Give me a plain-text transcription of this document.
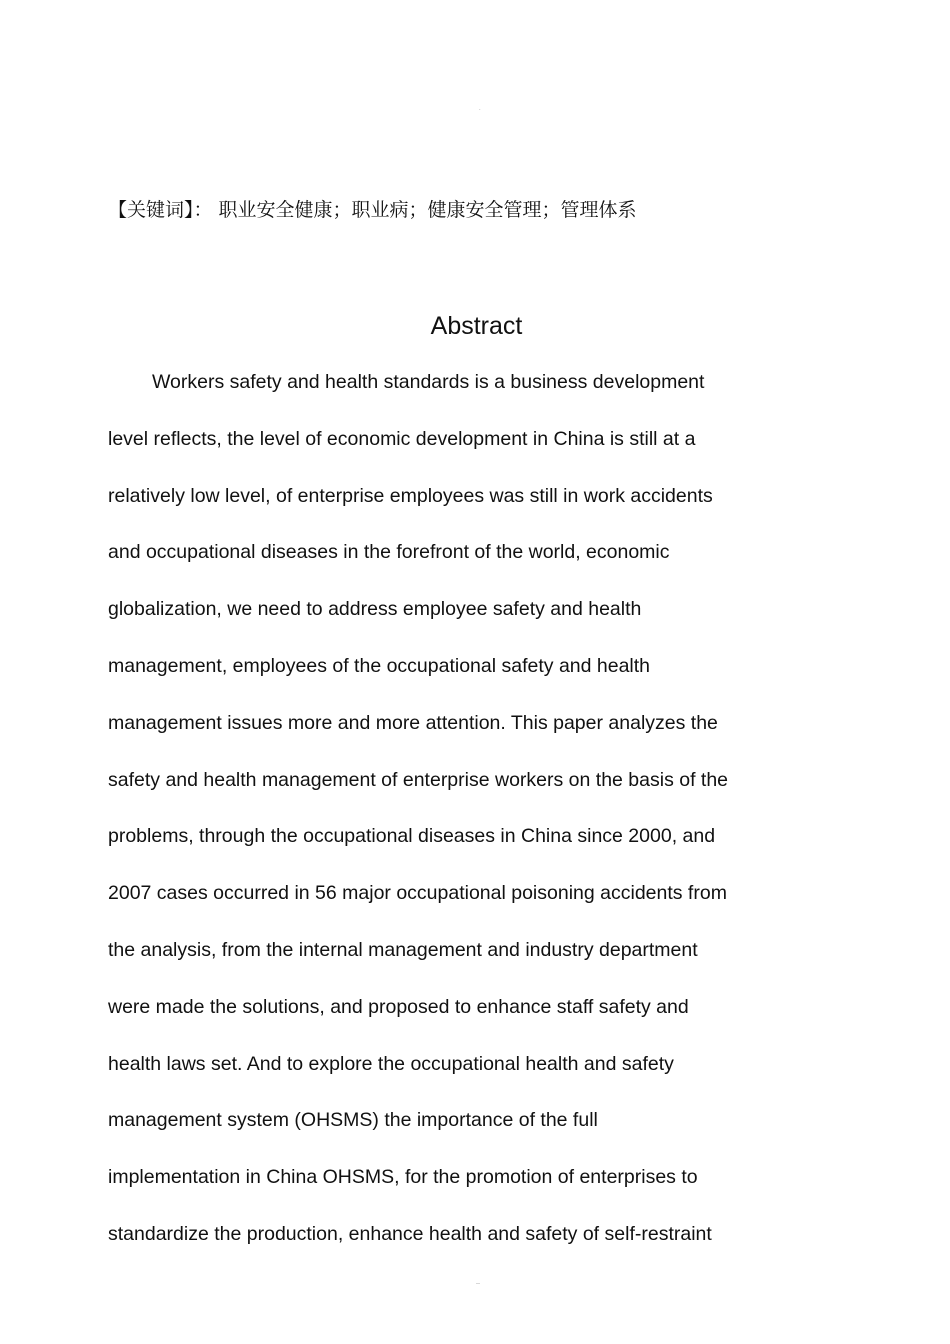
.
【关键词】： 职业安全健康；职业病；健康安全管理；管理体系
Abstract
Workers safety and health standards is a business development
level reflects, the level of economic development in China is still at a
relatively low level, of enterprise employees was still in work accidents
and occupational diseases in the forefront of the world, economic
globalization, we need to address employee safety and health
management, employees of the occupational safety and health
management issues more and more attention. This paper analyzes the
safety and health management of enterprise workers on the basis of the
problems, through the occupational diseases in China since 2000, and
2007 cases occurred in 56 major occupational poisoning accidents from
the analysis, from the internal management and industry department
were made the solutions, and proposed to enhance staff safety and
health laws set. And to explore the occupational health and safety
management system (OHSMS) the importance of the full
implementation in China OHSMS, for the promotion of enterprises to
standardize the production, enhance health and safety of self-restraint
--
